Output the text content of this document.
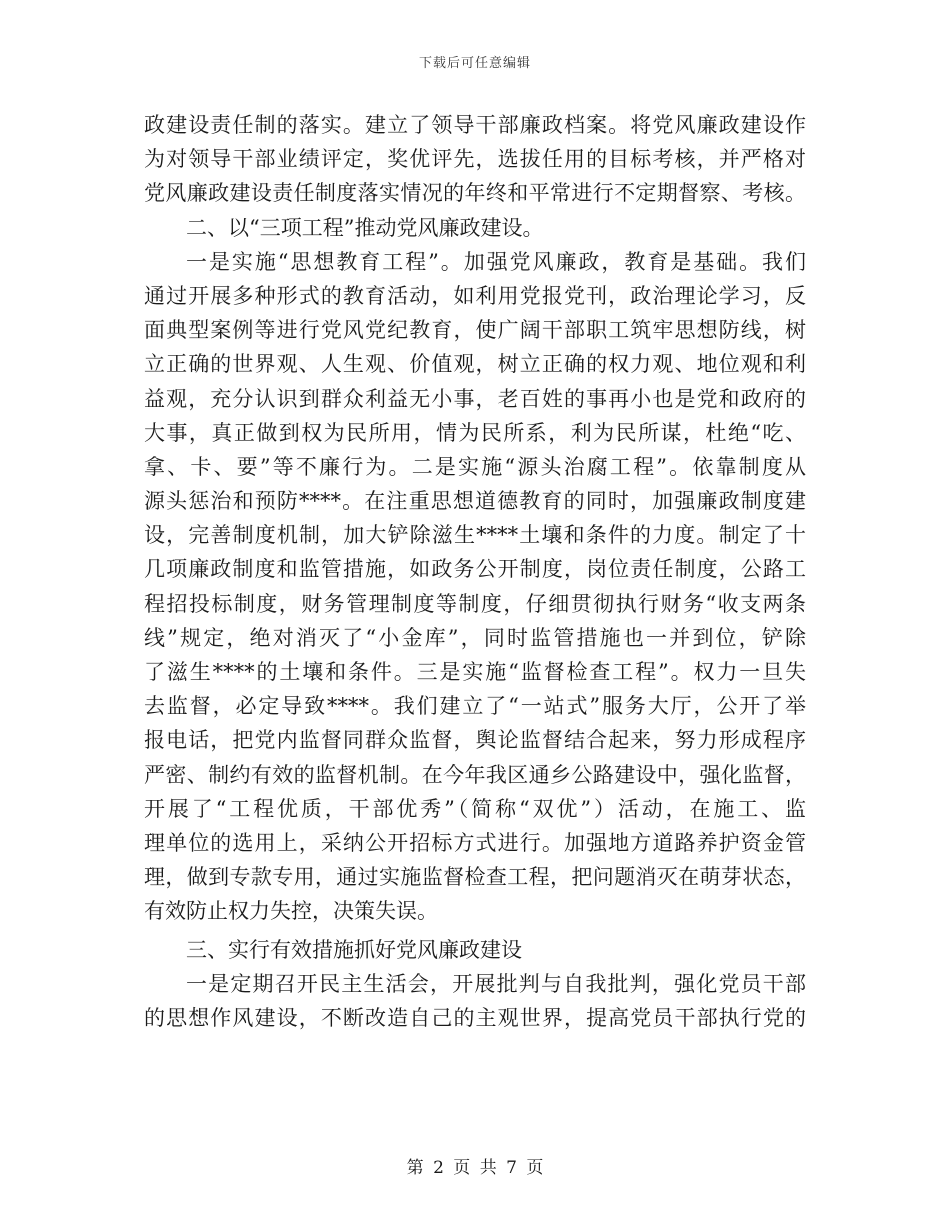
下载后可任意编辑
政建设责任制的落实。建立了领导干部廉政档案。将党风廉政建设作
为对领导干部业绩评定，奖优评先，选拔任用的目标考核，并严格对
党风廉政建设责任制度落实情况的年终和平常进行不定期督察、考核。
二、以“三项工程”推动党风廉政建设。
一是实施“思想教育工程”。加强党风廉政，教育是基础。我们
通过开展多种形式的教育活动，如利用党报党刊，政治理论学习，反
面典型案例等进行党风党纪教育，使广阔干部职工筑牢思想防线，树
立正确的世界观、人生观、价值观，树立正确的权力观、地位观和利
益观，充分认识到群众利益无小事，老百姓的事再小也是党和政府的
大事，真正做到权为民所用，情为民所系，利为民所谋，杜绝“吃、
拿、卡、要”等不廉行为。二是实施“源头治腐工程”。依靠制度从
源头惩治和预防****。在注重思想道德教育的同时，加强廉政制度建
设，完善制度机制，加大铲除滋生****土壤和条件的力度。制定了十
几项廉政制度和监管措施，如政务公开制度，岗位责任制度，公路工
程招投标制度，财务管理制度等制度，仔细贯彻执行财务“收支两条
线”规定，绝对消灭了“小金库”，同时监管措施也一并到位，铲除
了滋生****的土壤和条件。三是实施“监督检查工程”。权力一旦失
去监督，必定导致****。我们建立了“一站式”服务大厅，公开了举
报电话，把党内监督同群众监督，舆论监督结合起来，努力形成程序
严密、制约有效的监督机制。在今年我区通乡公路建设中，强化监督，
开展了“工程优质，干部优秀”（简称“双优”）活动，在施工、监
理单位的选用上，采纳公开招标方式进行。加强地方道路养护资金管
理，做到专款专用，通过实施监督检查工程，把问题消灭在萌芽状态，
有效防止权力失控，决策失误。
三、实行有效措施抓好党风廉政建设
一是定期召开民主生活会，开展批判与自我批判，强化党员干部
的思想作风建设，不断改造自己的主观世界，提高党员干部执行党的
第 2 页 共 7 页
